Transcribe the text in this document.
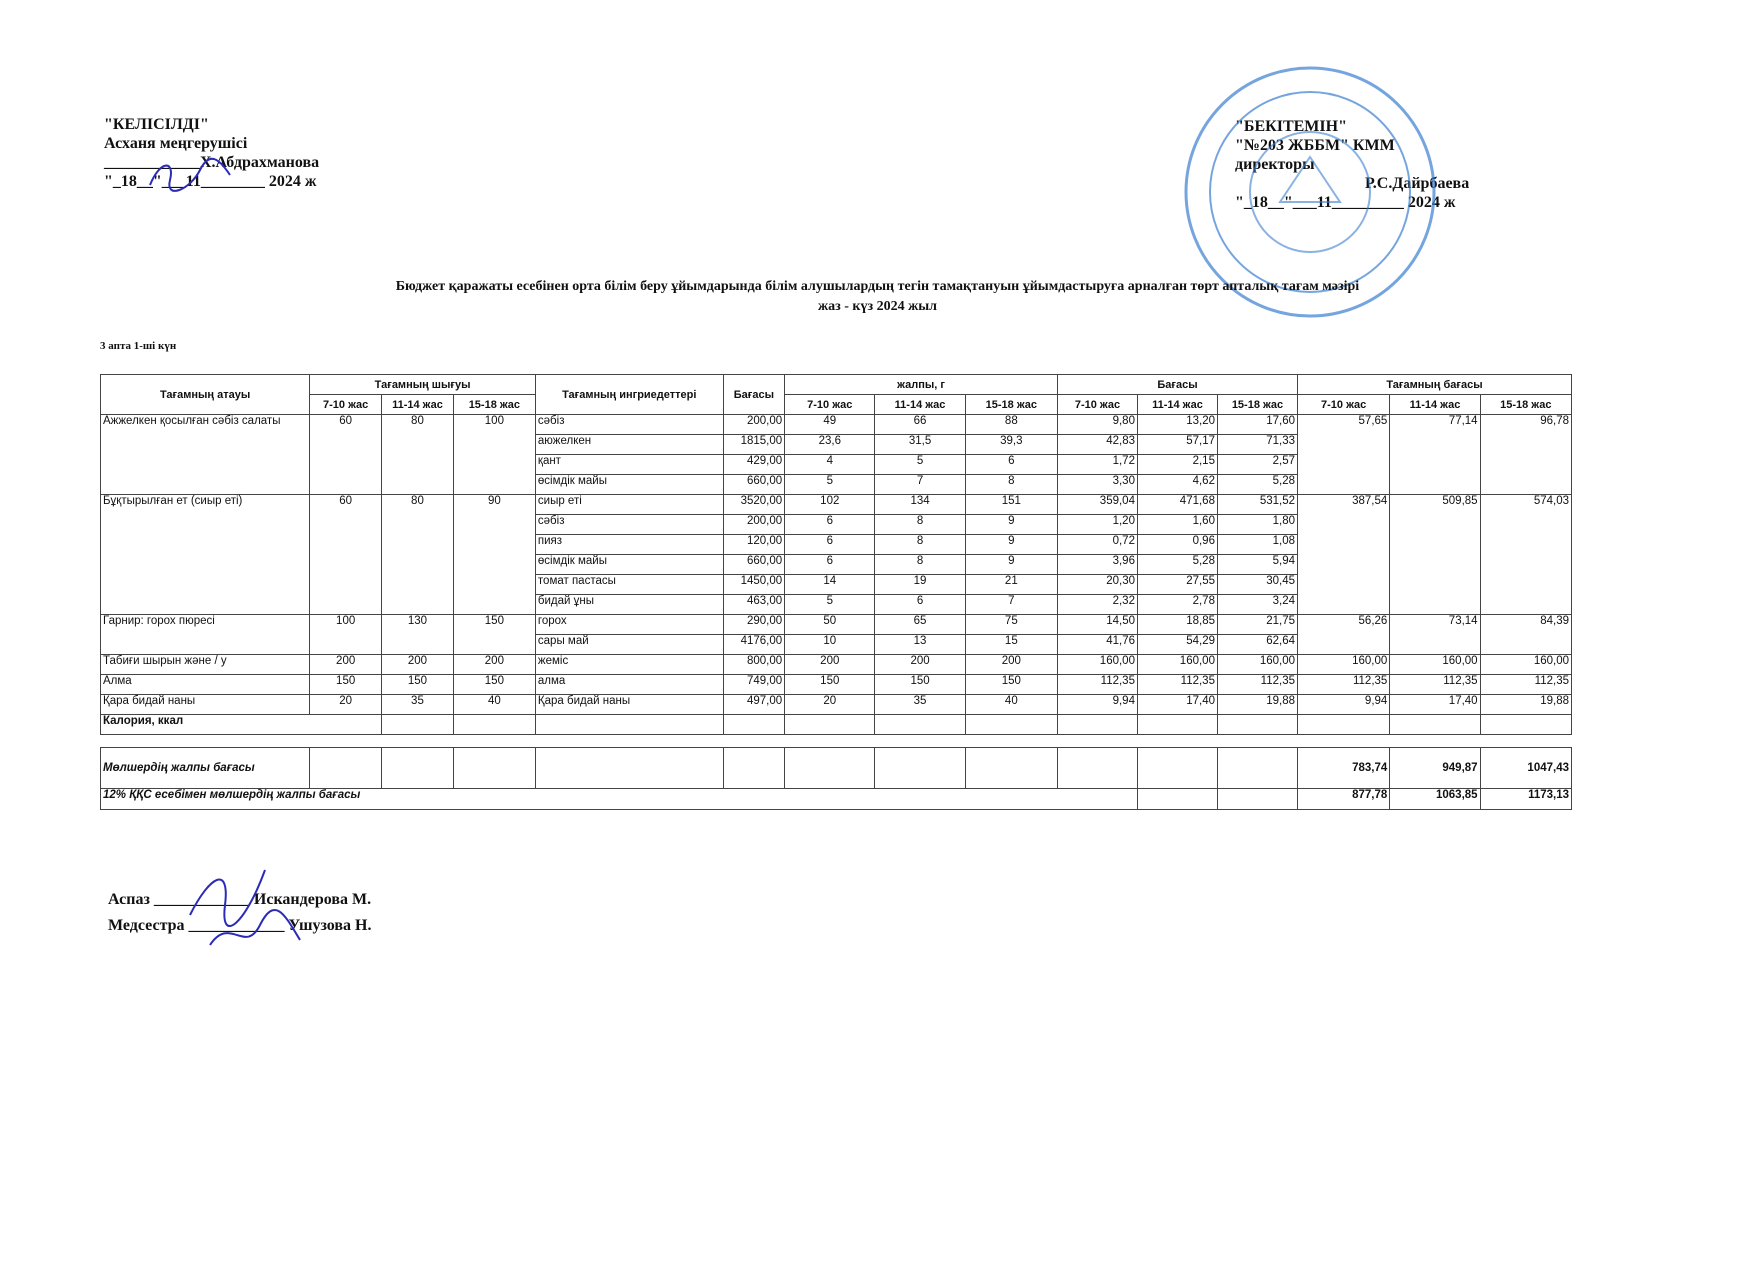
"КЕЛІСІЛДІ"
Асханя меңгерушісі
____________Х.Абдрахманова
"_18__"___11________ 2024 ж
"БЕКІТЕМІН"
"№203 ЖББМ" КММ
директоры
Р.С.Дайрбаева
"_18__"___11_________ 2024 ж
Бюджет қаражаты есебінен орта білім беру ұйымдарында білім алушылардың тегін тамақтануын ұйымдастыруға арналған төрт апталық тағам мәзірі
жаз - күз 2024 жыл
3 апта 1-ші күн
Тағамның атауы	Тағамның шығуы			Тағамның ингриедеттері	Бағасы	жалпы, г			Бағасы			Тағамның бағасы		
	7-10 жас	11-14 жас	15-18 жас			7-10 жас	11-14 жас	15-18 жас	7-10 жас	11-14 жас	15-18 жас	7-10 жас	11-14 жас	15-18 жас
Ажжелкен қосылған сәбіз салаты	60	80	100	сәбіз	200,00	49	66	88	9,80	13,20	17,60	57,65	77,14	96,78
				аюжелкен	1815,00	23,6	31,5	39,3	42,83	57,17	71,33			
				қант	429,00	4	5	6	1,72	2,15	2,57			
				өсімдік майы	660,00	5	7	8	3,30	4,62	5,28			
Бұқтырылған ет (сиыр еті)	60	80	90	сиыр еті	3520,00	102	134	151	359,04	471,68	531,52	387,54	509,85	574,03
				сәбіз	200,00	6	8	9	1,20	1,60	1,80			
				пияз	120,00	6	8	9	0,72	0,96	1,08			
				өсімдік майы	660,00	6	8	9	3,96	5,28	5,94			
				томат пастасы	1450,00	14	19	21	20,30	27,55	30,45			
				бидай ұны	463,00	5	6	7	2,32	2,78	3,24			
Гарнир: горох пюресі	100	130	150	горох	290,00	50	65	75	14,50	18,85	21,75	56,26	73,14	84,39
				сары май	4176,00	10	13	15	41,76	54,29	62,64			
Табиғи шырын және / у	200	200	200	жеміс	800,00	200	200	200	160,00	160,00	160,00	160,00	160,00	160,00
Алма	150	150	150	алма	749,00	150	150	150	112,35	112,35	112,35	112,35	112,35	112,35
Қара бидай наны	20	35	40	Қара бидай наны	497,00	20	35	40	9,94	17,40	19,88	9,94	17,40	19,88
Калория, ккал														

Мөлшердің жалпы бағасы												783,74	949,87	1047,43
12% ҚҚС есебімен мөлшердің жалпы бағасы												877,78	1063,85	1173,13
Аспаз ____________ Искандерова М.
Медсестра ____________ Ушузова Н.
